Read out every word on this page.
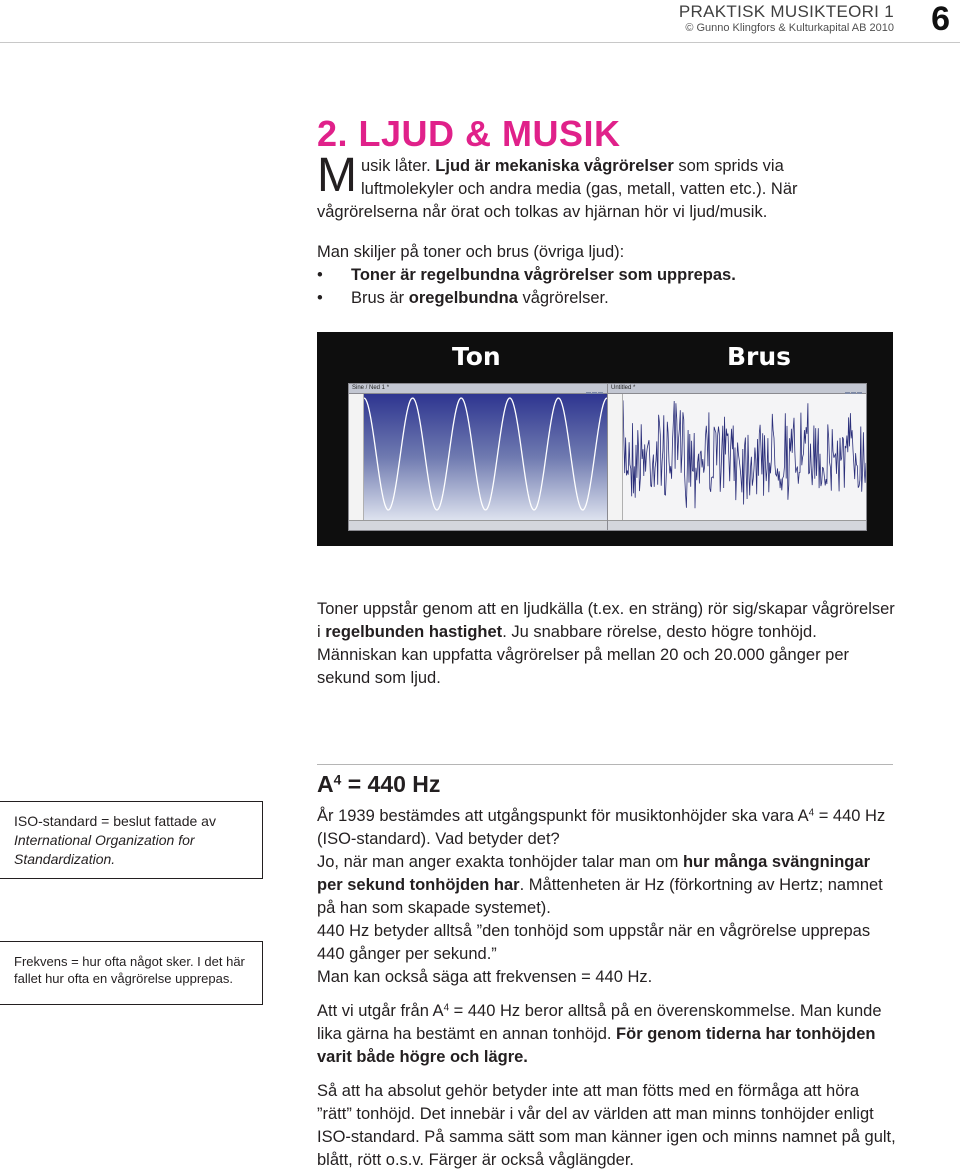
PRAKTISK MUSIKTEORI 1
© Gunno Klingfors & Kulturkapital AB 2010 6
2. LJUD & MUSIK
Musik låter. Ljud är mekaniska vågrörelser som sprids via luftmolekyler och andra media (gas, metall, vatten etc.). När vågrörelserna når örat och tolkas av hjärnan hör vi ljud/musik.
Man skiljer på toner och brus (övriga ljud):
• Toner är regelbundna vågrörelser som upprepas.
• Brus är oregelbundna vågrörelser.
Ton	Brus
Sine / Ned 1 *	Untitled *
Toner uppstår genom att en ljudkälla (t.ex. en sträng) rör sig/skapar vågrörelser i regelbunden hastighet. Ju snabbare rörelse, desto högre tonhöjd. Människan kan uppfatta vågrörelser på mellan 20 och 20.000 gånger per sekund som ljud.
ISO-standard = beslut fattade av International Organization for Standardization.
Frekvens = hur ofta något sker. I det här fallet hur ofta en vågrörelse upprepas.
$A^4 = 440$ Hz
År 1939 bestämdes att utgångspunkt för musiktonhöjder ska vara $A^4 = 440$ Hz (ISO-standard). Vad betyder det?
Jo, när man anger exakta tonhöjder talar man om hur många svängningar per sekund tonhöjden har. Måttenheten är Hz (förkortning av Hertz; namnet på han som skapade systemet).
440 Hz betyder alltså ”den tonhöjd som uppstår när en vågrörelse upprepas 440 gånger per sekund.”
Man kan också säga att frekvensen = 440 Hz.
Att vi utgår från $A^4 = 440$ Hz beror alltså på en överenskommelse. Man kunde lika gärna ha bestämt en annan tonhöjd. För genom tiderna har tonhöjden varit både högre och lägre.
Så att ha absolut gehör betyder inte att man fötts med en förmåga att höra ”rätt” tonhöjd. Det innebär i vår del av världen att man minns tonhöjder enligt ISO-standard. På samma sätt som man känner igen och minns namnet på gult, blått, rött o.s.v. Färger är också våglängder.
